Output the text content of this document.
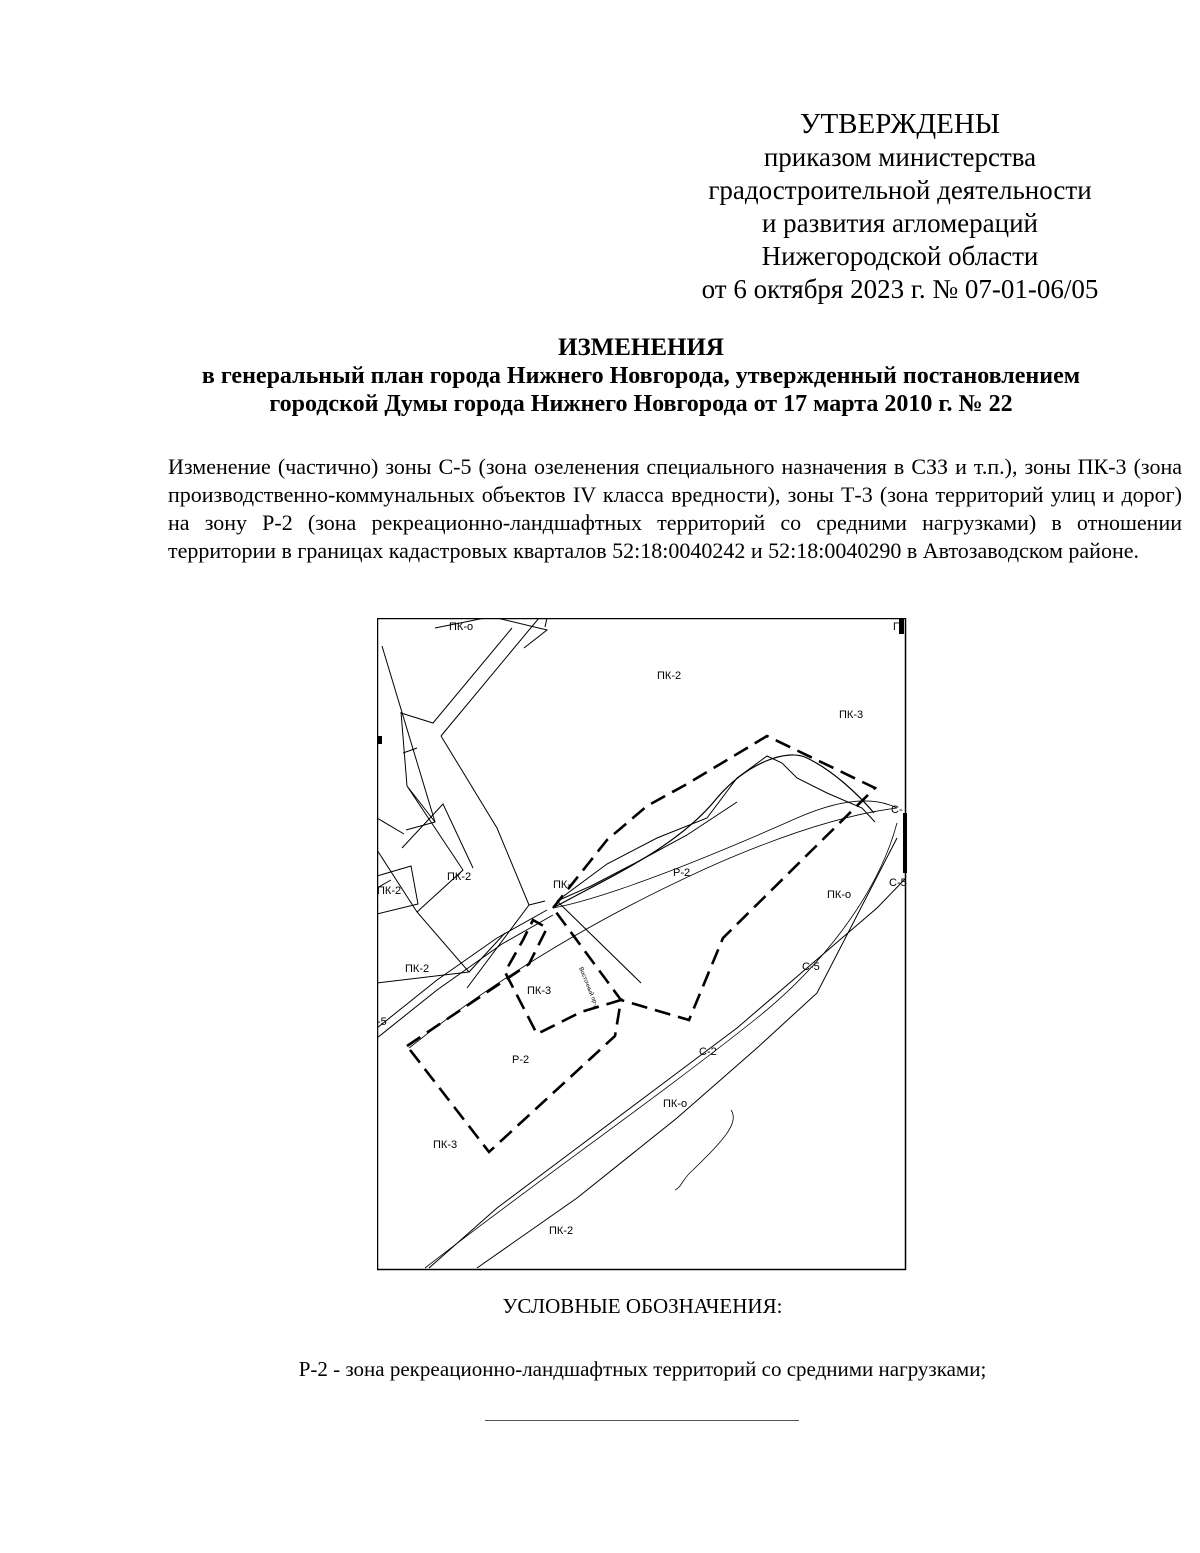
УТВЕРЖДЕНЫ
приказом министерства
градостроительной деятельности
и развития агломераций
Нижегородской области
от 6 октября 2023 г. № 07-01-06/05
ИЗМЕНЕНИЯ
в генеральный план города Нижнего Новгорода, утвержденный постановлением
городской Думы города Нижнего Новгорода от 17 марта 2010 г. № 22
Изменение (частично) зоны С-5 (зона озеленения специального назначения в СЗЗ и т.п.), зоны ПК-3 (зона производственно-коммунальных объектов IV класса вредности), зоны Т-3 (зона территорий улиц и дорог) на зону Р-2 (зона рекреационно-ландшафтных территорий со средними нагрузками) в отношении территории в границах кадастровых кварталов 52:18:0040242 и 52:18:0040290 в Автозаводском районе.
ПК-о
ПК-2
ПК-3
П
С-
ПК-2
ПК-2	ПК-
Р-2
С-5
ПК-о
С-5
ПК-2
ПК-3	Восточный пр-д
-5
С-2
Р-2
ПК-о
ПК-3
ПК-2
УСЛОВНЫЕ ОБОЗНАЧЕНИЯ:
Р-2 - зона рекреационно-ландшафтных территорий со средними нагрузками;
